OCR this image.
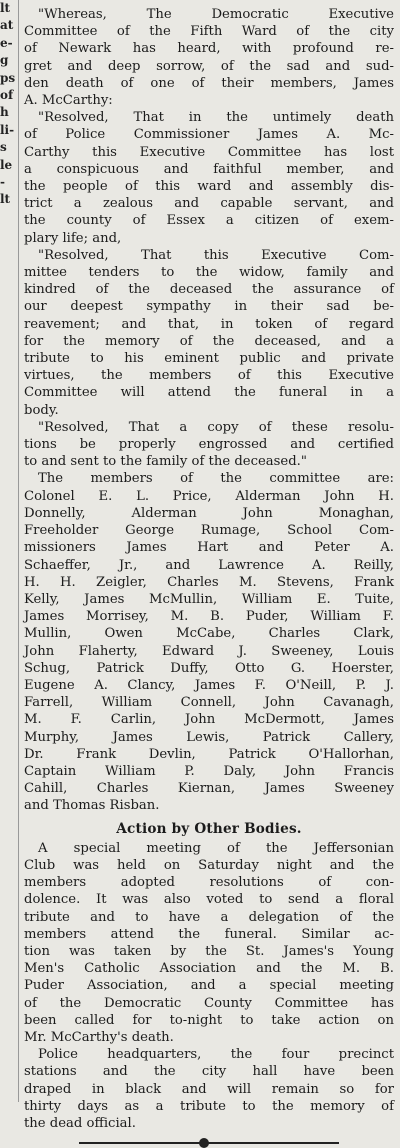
lt
at
e-
g
ps
of
h
li-
s
le
-
lt
"Whereas, The Democratic Executive
Committee of the Fifth Ward of the city
of Newark has heard, with profound re-
gret and deep sorrow, of the sad and sud-
den death of one of their members, James
A. McCarthy:
"Resolved, That in the untimely death
of Police Commissioner James A. Mc-
Carthy this Executive Committee has lost
a conspicuous and faithful member, and
the people of this ward and assembly dis-
trict a zealous and capable servant, and
the county of Essex a citizen of exem-
plary life; and,
"Resolved, That this Executive Com-
mittee tenders to the widow, family and
kindred of the deceased the assurance of
our deepest sympathy in their sad be-
reavement; and that, in token of regard
for the memory of the deceased, and a
tribute to his eminent public and private
virtues, the members of this Executive
Committee will attend the funeral in a
body.
"Resolved, That a copy of these resolu-
tions be properly engrossed and certified
to and sent to the family of the deceased."
The members of the committee are:
Colonel E. L. Price, Alderman John H.
Donnelly, Alderman John Monaghan,
Freeholder George Rumage, School Com-
missioners James Hart and Peter A.
Schaeffer, Jr., and Lawrence A. Reilly,
H. H. Zeigler, Charles M. Stevens, Frank
Kelly, James McMullin, William E. Tuite,
James Morrisey, M. B. Puder, William F.
Mullin, Owen McCabe, Charles Clark,
John Flaherty, Edward J. Sweeney, Louis
Schug, Patrick Duffy, Otto G. Hoerster,
Eugene A. Clancy, James F. O'Neill, P. J.
Farrell, William Connell, John Cavanagh,
M. F. Carlin, John McDermott, James
Murphy, James Lewis, Patrick Callery,
Dr. Frank Devlin, Patrick O'Hallorhan,
Captain William P. Daly, John Francis
Cahill, Charles Kiernan, James Sweeney
and Thomas Risban.
Action by Other Bodies.
A special meeting of the Jeffersonian
Club was held on Saturday night and the
members adopted resolutions of con-
dolence. It was also voted to send a floral
tribute and to have a delegation of the
members attend the funeral. Similar ac-
tion was taken by the St. James's Young
Men's Catholic Association and the M. B.
Puder Association, and a special meeting
of the Democratic County Committee has
been called for to-night to take action on
Mr. McCarthy's death.
Police headquarters, the four precinct
stations and the city hall have been
draped in black and will remain so for
thirty days as a tribute to the memory of
the dead official.
